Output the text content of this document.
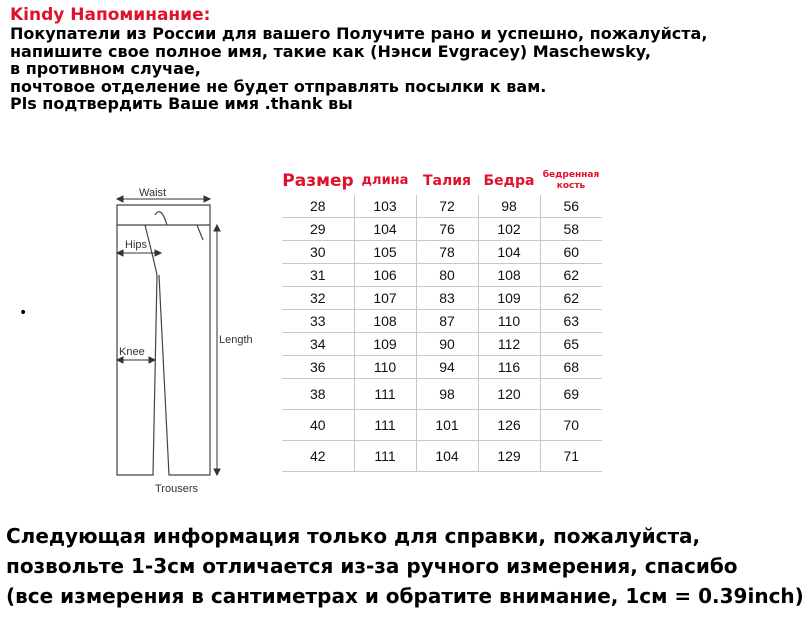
Kindy Напоминание:
Покупатели из России для вашего Получите рано и успешно, пожалуйста,
напишите свое полное имя, такие как (Нэнси Evgracey) Maschewsky,
в противном случае,
почтовое отделение не будет отправлять посылки к вам.
Pls подтвердить Ваше имя .thank вы
•
Waist
Hips
Knee
Length
Trousers
Размер	длина	Талия	Бедра	бедренная кость
28	103	72	98	56
29	104	76	102	58
30	105	78	104	60
31	106	80	108	62
32	107	83	109	62
33	108	87	110	63
34	109	90	112	65
36	110	94	116	68
38	111	98	120	69
40	111	101	126	70
42	111	104	129	71
Следующая информация только для справки, пожалуйста,
позвольте 1-3см отличается из-за ручного измерения, спасибо
(все измерения в сантиметрах и обратите внимание, 1см = 0.39inch)
